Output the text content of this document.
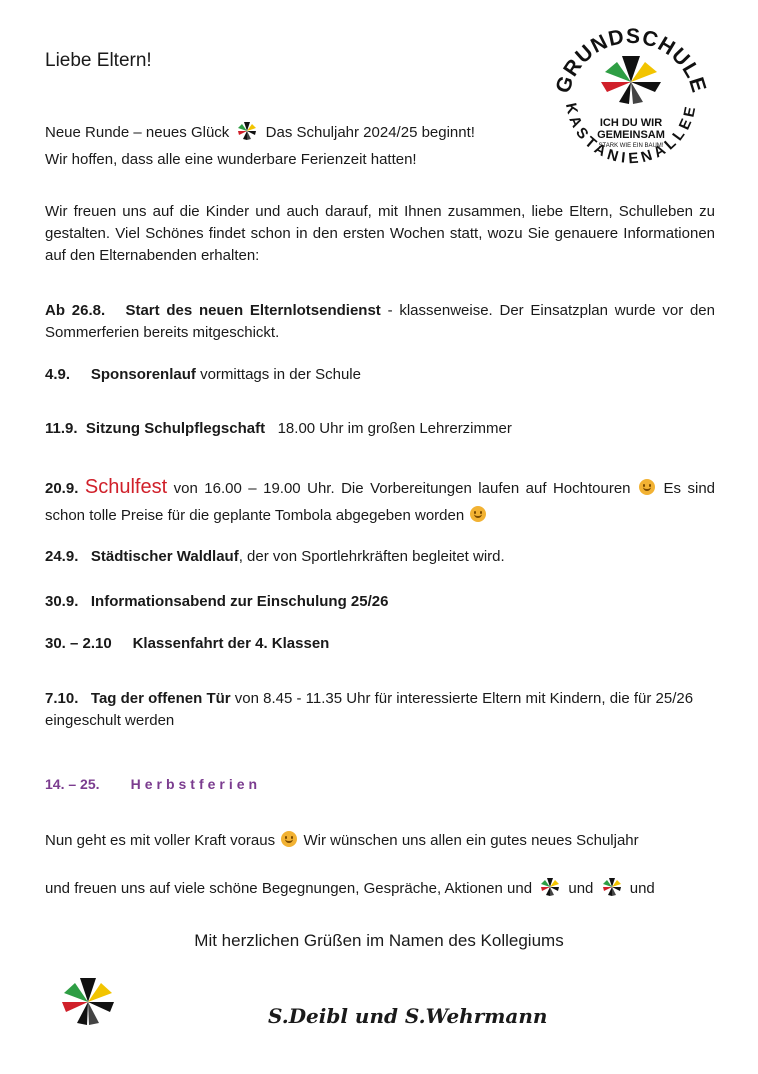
Liebe Eltern!
GRUNDSCHULE
KASTANIENALLEE
ICH DU WIR
GEMEINSAM
STARK WIE EIN BAUM!
Neue Runde – neues Glück Das Schuljahr 2024/25 beginnt!
Wir hoffen, dass alle eine wunderbare Ferienzeit hatten!
Wir freuen uns auf die Kinder und auch darauf, mit Ihnen zusammen, liebe Eltern, Schulleben zu gestalten. Viel Schönes findet schon in den ersten Wochen statt, wozu Sie genauere Informationen auf den Elternabenden erhalten:
Ab 26.8. Start des neuen Elternlotsendienst - klassenweise. Der Einsatzplan wurde vor den Sommerferien bereits mitgeschickt.
4.9. Sponsorenlauf vormittags in der Schule
11.9. Sitzung Schulpflegschaft 18.00 Uhr im großen Lehrerzimmer
20.9. Schulfest von 16.00 – 19.00 Uhr. Die Vorbereitungen laufen auf Hochtouren Es sind schon tolle Preise für die geplante Tombola abgegeben worden
24.9. Städtischer Waldlauf, der von Sportlehrkräften begleitet wird.
30.9. Informationsabend zur Einschulung 25/26
30. – 2.10 Klassenfahrt der 4. Klassen
7.10. Tag der offenen Tür von 8.45 - 11.35 Uhr für interessierte Eltern mit Kindern, die für 25/26 eingeschult werden
14. – 25. Herbstferien
Nun geht es mit voller Kraft voraus Wir wünschen uns allen ein gutes neues Schuljahr
und freuen uns auf viele schöne Begegnungen, Gespräche, Aktionen und und und
Mit herzlichen Grüßen im Namen des Kollegiums
S.Deibl und S.Wehrmann
